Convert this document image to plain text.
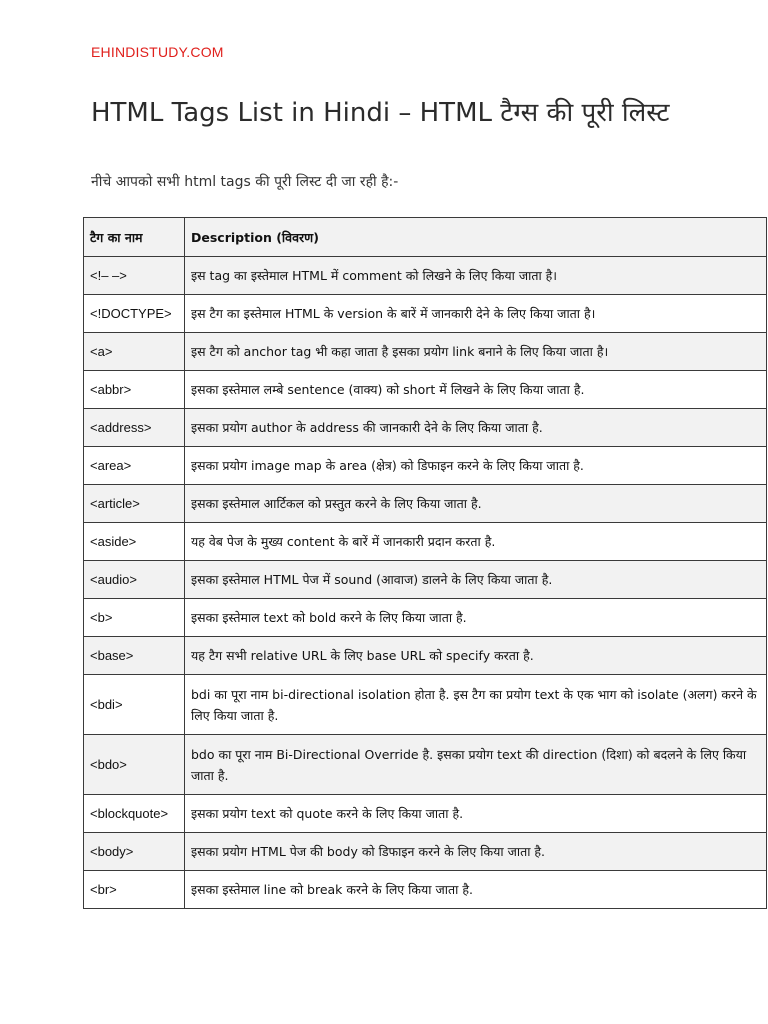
EHINDISTUDY.COM
HTML Tags List in Hindi – HTML टैग्स की पूरी लिस्ट
नीचे आपको सभी html tags की पूरी लिस्ट दी जा रही है:-
टैग का नाम	Description (विवरण)
<!– –>	इस tag का इस्तेमाल HTML में comment को लिखने के लिए किया जाता है।
<!DOCTYPE>	इस टैग का इस्तेमाल HTML के version के बारें में जानकारी देने के लिए किया जाता है।
<a>	इस टैग को anchor tag भी कहा जाता है इसका प्रयोग link बनाने के लिए किया जाता है।
<abbr>	इसका इस्तेमाल लम्बे sentence (वाक्य) को short में लिखने के लिए किया जाता है.
<address>	इसका प्रयोग author के address की जानकारी देने के लिए किया जाता है.
<area>	इसका प्रयोग image map के area (क्षेत्र) को डिफाइन करने के लिए किया जाता है.
<article>	इसका इस्तेमाल आर्टिकल को प्रस्तुत करने के लिए किया जाता है.
<aside>	यह वेब पेज के मुख्य content के बारें में जानकारी प्रदान करता है.
<audio>	इसका इस्तेमाल HTML पेज में sound (आवाज) डालने के लिए किया जाता है.
<b>	इसका इस्तेमाल text को bold करने के लिए किया जाता है.
<base>	यह टैग सभी relative URL के लिए base URL को specify करता है.
<bdi>	bdi का पूरा नाम bi-directional isolation होता है. इस टैग का प्रयोग text के एक भाग को isolate (अलग) करने के लिए किया जाता है.
<bdo>	bdo का पूरा नाम Bi-Directional Override है. इसका प्रयोग text की direction (दिशा) को बदलने के लिए किया जाता है.
<blockquote>	इसका प्रयोग text को quote करने के लिए किया जाता है.
<body>	इसका प्रयोग HTML पेज की body को डिफाइन करने के लिए किया जाता है.
<br>	इसका इस्तेमाल line को break करने के लिए किया जाता है.
